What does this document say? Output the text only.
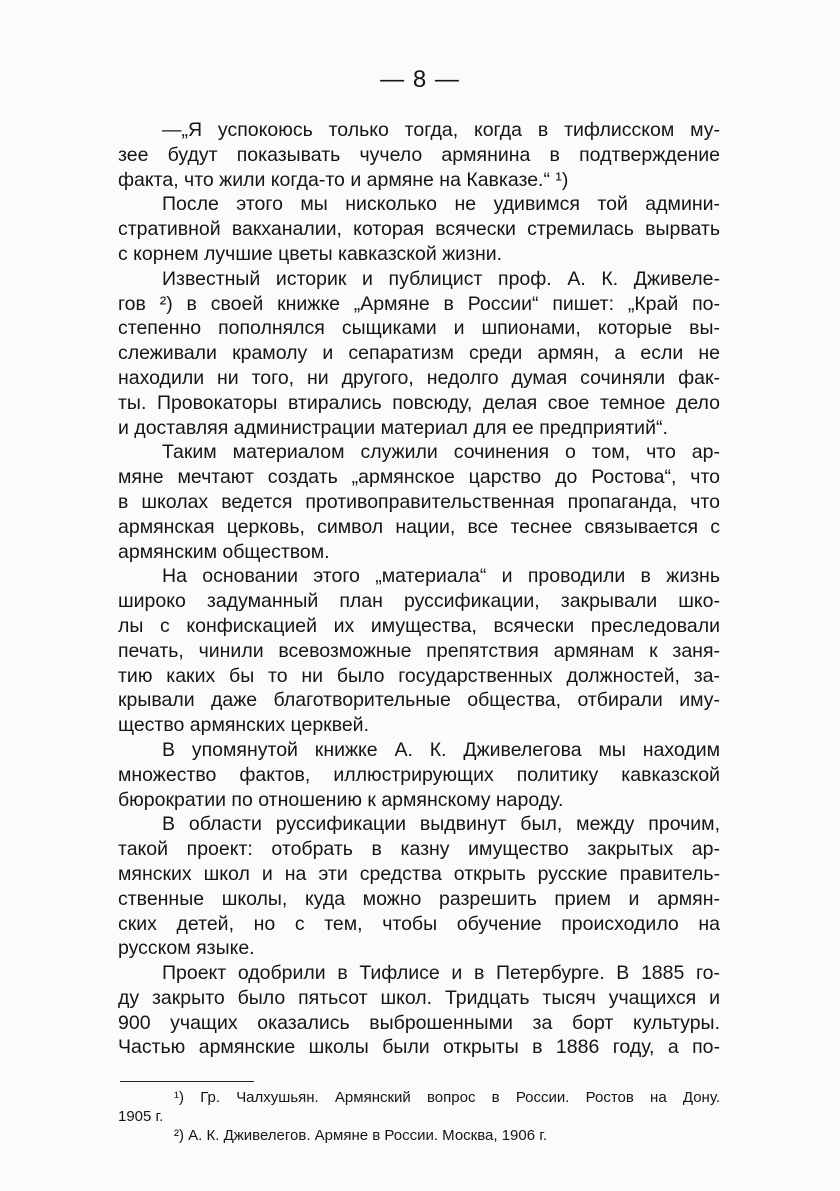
— 8 —
—„Я успокоюсь только тогда, когда в тифлисском му-
зее будут показывать чучело армянина в подтверждение
факта, что жили когда-то и армяне на Кавказе.“ ¹)
После этого мы нисколько не удивимся той админи-
стративной вакханалии, которая всячески стремилась вырвать
с корнем лучшие цветы кавказской жизни.
Известный историк и публицист проф. А. К. Дживеле-
гов ²) в своей книжке „Армяне в России“ пишет: „Край по-
степенно пополнялся сыщиками и шпионами, которые вы-
слеживали крамолу и сепаратизм среди армян, а если не
находили ни того, ни другого, недолго думая сочиняли фак-
ты. Провокаторы втирались повсюду, делая свое темное дело
и доставляя администрации материал для ее предприятий“.
Таким материалом служили сочинения о том, что ар-
мяне мечтают создать „армянское царство до Ростова“, что
в школах ведется противоправительственная пропаганда, что
армянская церковь, символ нации, все теснее связывается с
армянским обществом.
На основании этого „материала“ и проводили в жизнь
широко задуманный план руссификации, закрывали шко-
лы с конфискацией их имущества, всячески преследовали
печать, чинили всевозможные препятствия армянам к заня-
тию каких бы то ни было государственных должностей, за-
крывали даже благотворительные общества, отбирали иму-
щество армянских церквей.
В упомянутой книжке А. К. Дживелегова мы находим
множество фактов, иллюстрирующих политику кавказской
бюрократии по отношению к армянскому народу.
В области руссификации выдвинут был, между прочим,
такой проект: отобрать в казну имущество закрытых ар-
мянских школ и на эти средства открыть русские правитель-
ственные школы, куда можно разрешить прием и армян-
ских детей, но с тем, чтобы обучение происходило на
русском языке.
Проект одобрили в Тифлисе и в Петербурге. В 1885 го-
ду закрыто было пятьсот школ. Тридцать тысяч учащихся и
900 учащих оказались выброшенными за борт культуры.
Частью армянские школы были открыты в 1886 году, а по-
¹) Гр. Чалхушьян. Армянский вопрос в России. Ростов на Дону.
1905 г.
²) А. К. Дживелегов. Армяне в России. Москва, 1906 г.
